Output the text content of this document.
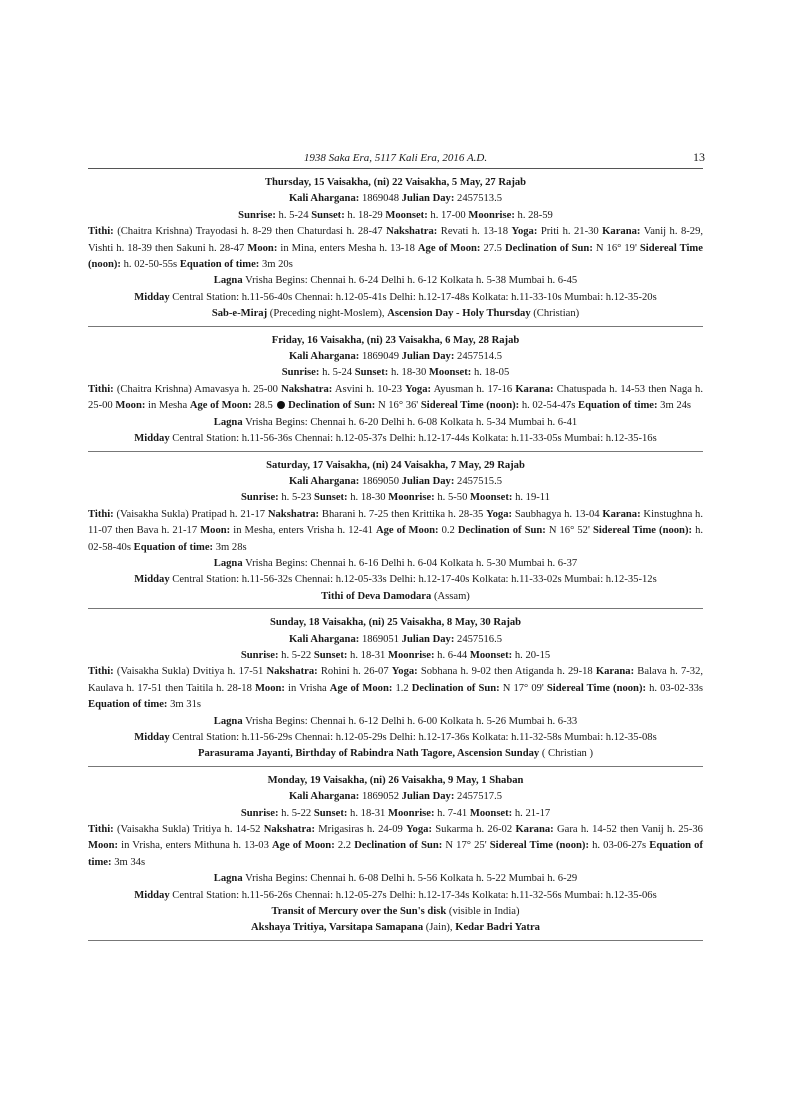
1938 Saka Era, 5117 Kali Era, 2016 A.D.	13
Thursday, 15 Vaisakha, (ni) 22 Vaisakha, 5 May, 27 Rajab
Kali Ahargana: 1869048 Julian Day: 2457513.5
Sunrise: h. 5-24 Sunset: h. 18-29 Moonset: h. 17-00 Moonrise: h. 28-59
Tithi: (Chaitra Krishna) Trayodasi h. 8-29 then Chaturdasi h. 28-47 Nakshatra: Revati h. 13-18 Yoga: Priti h. 21-30 Karana: Vanij h. 8-29, Vishti h. 18-39 then Sakuni h. 28-47 Moon: in Mina, enters Mesha h. 13-18 Age of Moon: 27.5 Declination of Sun: N 16° 19' Sidereal Time (noon): h. 02-50-55s Equation of time: 3m 20s
Lagna Vrisha Begins: Chennai h. 6-24 Delhi h. 6-12 Kolkata h. 5-38 Mumbai h. 6-45
Midday Central Station: h.11-56-40s Chennai: h.12-05-41s Delhi: h.12-17-48s Kolkata: h.11-33-10s Mumbai: h.12-35-20s
Sab-e-Miraj (Preceding night-Moslem), Ascension Day - Holy Thursday (Christian)
Friday, 16 Vaisakha, (ni) 23 Vaisakha, 6 May, 28 Rajab
Kali Ahargana: 1869049 Julian Day: 2457514.5
Sunrise: h. 5-24 Sunset: h. 18-30 Moonset: h. 18-05
Tithi: (Chaitra Krishna) Amavasya h. 25-00 Nakshatra: Asvini h. 10-23 Yoga: Ayusman h. 17-16 Karana: Chatuspada h. 14-53 then Naga h. 25-00 Moon: in Mesha Age of Moon: 28.5 Declination of Sun: N 16° 36' Sidereal Time (noon): h. 02-54-47s Equation of time: 3m 24s
Lagna Vrisha Begins: Chennai h. 6-20 Delhi h. 6-08 Kolkata h. 5-34 Mumbai h. 6-41
Midday Central Station: h.11-56-36s Chennai: h.12-05-37s Delhi: h.12-17-44s Kolkata: h.11-33-05s Mumbai: h.12-35-16s
Saturday, 17 Vaisakha, (ni) 24 Vaisakha, 7 May, 29 Rajab
Kali Ahargana: 1869050 Julian Day: 2457515.5
Sunrise: h. 5-23 Sunset: h. 18-30 Moonrise: h. 5-50 Moonset: h. 19-11
Tithi: (Vaisakha Sukla) Pratipad h. 21-17 Nakshatra: Bharani h. 7-25 then Krittika h. 28-35 Yoga: Saubhagya h. 13-04 Karana: Kinstughna h. 11-07 then Bava h. 21-17 Moon: in Mesha, enters Vrisha h. 12-41 Age of Moon: 0.2 Declination of Sun: N 16° 52' Sidereal Time (noon): h. 02-58-40s Equation of time: 3m 28s
Lagna Vrisha Begins: Chennai h. 6-16 Delhi h. 6-04 Kolkata h. 5-30 Mumbai h. 6-37
Midday Central Station: h.11-56-32s Chennai: h.12-05-33s Delhi: h.12-17-40s Kolkata: h.11-33-02s Mumbai: h.12-35-12s
Tithi of Deva Damodara (Assam)
Sunday, 18 Vaisakha, (ni) 25 Vaisakha, 8 May, 30 Rajab
Kali Ahargana: 1869051 Julian Day: 2457516.5
Sunrise: h. 5-22 Sunset: h. 18-31 Moonrise: h. 6-44 Moonset: h. 20-15
Tithi: (Vaisakha Sukla) Dvitiya h. 17-51 Nakshatra: Rohini h. 26-07 Yoga: Sobhana h. 9-02 then Atiganda h. 29-18 Karana: Balava h. 7-32, Kaulava h. 17-51 then Taitila h. 28-18 Moon: in Vrisha Age of Moon: 1.2 Declination of Sun: N 17° 09' Sidereal Time (noon): h. 03-02-33s Equation of time: 3m 31s
Lagna Vrisha Begins: Chennai h. 6-12 Delhi h. 6-00 Kolkata h. 5-26 Mumbai h. 6-33
Midday Central Station: h.11-56-29s Chennai: h.12-05-29s Delhi: h.12-17-36s Kolkata: h.11-32-58s Mumbai: h.12-35-08s
Parasurama Jayanti, Birthday of Rabindra Nath Tagore, Ascension Sunday ( Christian )
Monday, 19 Vaisakha, (ni) 26 Vaisakha, 9 May, 1 Shaban
Kali Ahargana: 1869052 Julian Day: 2457517.5
Sunrise: h. 5-22 Sunset: h. 18-31 Moonrise: h. 7-41 Moonset: h. 21-17
Tithi: (Vaisakha Sukla) Tritiya h. 14-52 Nakshatra: Mrigasiras h. 24-09 Yoga: Sukarma h. 26-02 Karana: Gara h. 14-52 then Vanij h. 25-36 Moon: in Vrisha, enters Mithuna h. 13-03 Age of Moon: 2.2 Declination of Sun: N 17° 25' Sidereal Time (noon): h. 03-06-27s Equation of time: 3m 34s
Lagna Vrisha Begins: Chennai h. 6-08 Delhi h. 5-56 Kolkata h. 5-22 Mumbai h. 6-29
Midday Central Station: h.11-56-26s Chennai: h.12-05-27s Delhi: h.12-17-34s Kolkata: h.11-32-56s Mumbai: h.12-35-06s
Transit of Mercury over the Sun's disk (visible in India)
Akshaya Tritiya, Varsitapa Samapana (Jain), Kedar Badri Yatra
